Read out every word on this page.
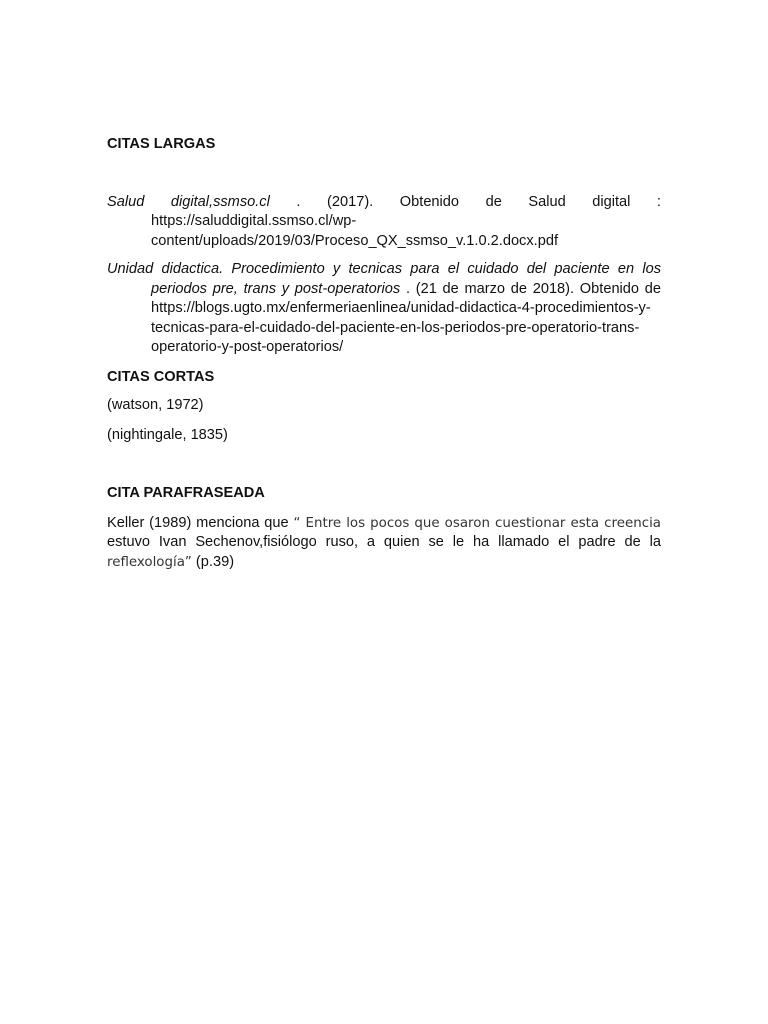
CITAS LARGAS

Salud digital,ssmso.cl . (2017). Obtenido de Salud digital : https://saluddigital.ssmso.cl/wp-content/uploads/2019/03/Proceso_QX_ssmso_v.1.0.2.docx.pdf

Unidad didactica. Procedimiento y tecnicas para el cuidado del paciente en los periodos pre, trans y post-operatorios . (21 de marzo de 2018). Obtenido de https://blogs.ugto.mx/enfermeriaenlinea/unidad-didactica-4-procedimientos-y-tecnicas-para-el-cuidado-del-paciente-en-los-periodos-pre-operatorio-trans-operatorio-y-post-operatorios/

CITAS CORTAS

(watson, 1972)

(nightingale, 1835)

CITA PARAFRASEADA

Keller (1989) menciona que “ Entre los pocos que osaron cuestionar esta creencia estuvo Ivan Sechenov,fisiólogo ruso, a quien se le ha llamado el padre de la reflexología” (p.39)
